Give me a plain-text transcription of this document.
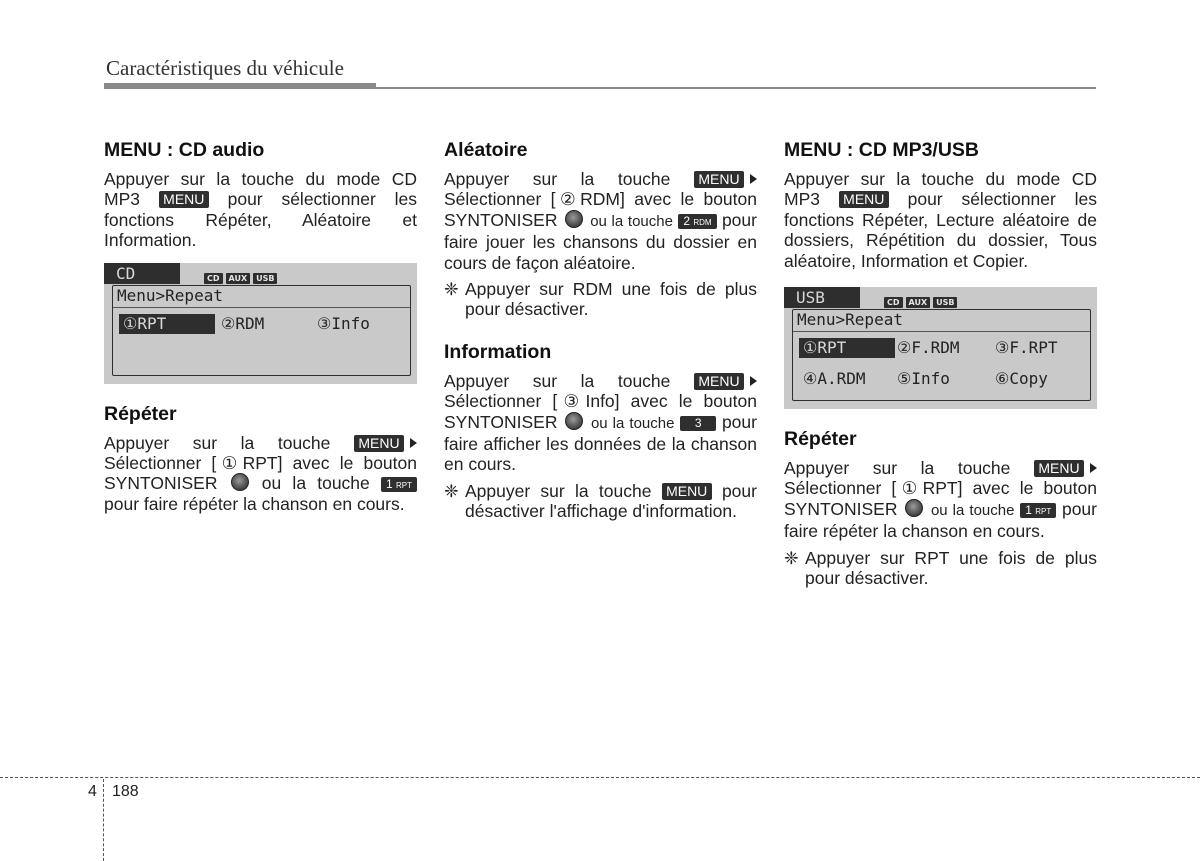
Caractéristiques du véhicule
MENU : CD audio

Appuyer sur la touche du mode CD MP3 MENU pour sélectionner les fonctions Répéter, Aléatoire et Information.

CD	CD AUX USB
Menu>Repeat
①RPT	②RDM	③Info
Répéter

Appuyer sur la touche MENU Sélectionner [①RPT] avec le bouton SYNTONISER	ou la touche 1 RPT pour faire répéter la chanson en cours.

Aléatoire

Appuyer sur la touche MENU Sélectionner [②RDM] avec le bouton SYNTONISER ou la touche 2 RDM pour faire jouer les chansons du dossier en cours de façon aléatoire.

❈ Appuyer sur RDM une fois de plus pour désactiver.

Information

Appuyer sur la touche MENU Sélectionner [③Info] avec le bouton SYNTONISER ou la touche 3 pour faire afficher les données de la chanson en cours.

❈ Appuyer sur la touche MENU pour désactiver l'affichage d'information.

MENU : CD MP3/USB

Appuyer sur la touche du mode CD MP3 MENU pour sélectionner les fonctions Répéter, Lecture aléatoire de dossiers, Répétition du dossier, Tous aléatoire, Information et Copier.

USB	CD AUX USB
Menu>Repeat
①RPT	②F.RDM ③F.RPT
④A.RDM ⑤Info	⑥Copy
Répéter

Appuyer sur la touche MENU Sélectionner [①RPT] avec le bouton SYNTONISER ou la touche 1 RPT pour faire répéter la chanson en cours.

❈ Appuyer sur RPT une fois de plus pour désactiver.

4 188
